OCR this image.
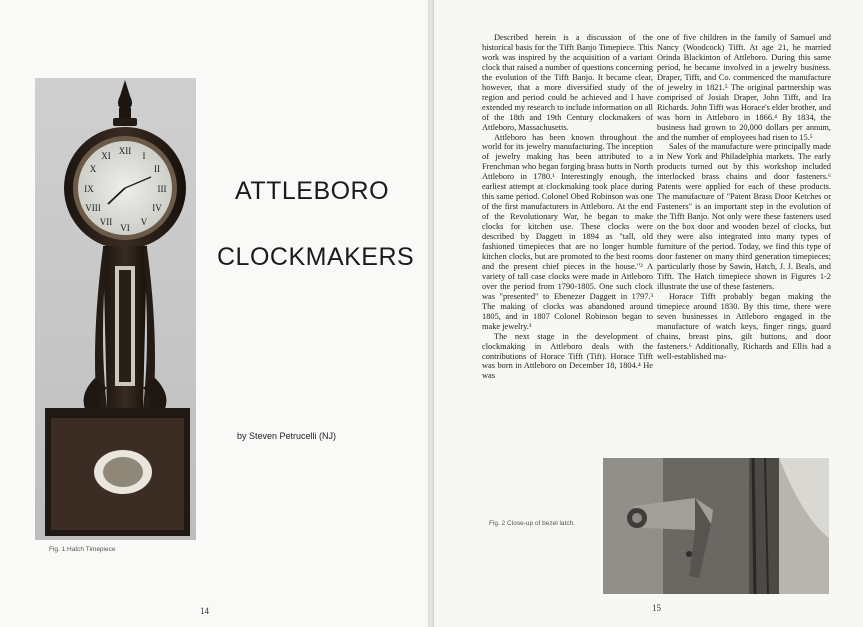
XII I
II
III
IV
V
VI
VII
VIII
IX
X
XI
Fig. 1 Hatch Timepiece
ATTLEBORO
CLOCKMAKERS
by Steven Petrucelli (NJ)
14

Described herein is a discussion of the historical basis for the Tifft Banjo Timepiece. This work was inspired by the acquisition of a variant clock that raised a number of questions concerning the evolution of the Tifft Banjo. It became clear, however, that a more diversified study of the region and period could be achieved and I have extended my research to include information on all of the 18th and 19th Century clockmakers of Attleboro, Massachusetts.

Attleboro has been known throughout the world for its jewelry manufacturing. The inception of jewelry making has been attributed to a Frenchman who began forging brass butts in North Attleboro in 1780.¹ Interestingly enough, the earliest attempt at clockmaking took place during this same period. Colonel Obed Robinson was one of the first manufacturers in Attleboro. At the end of the Revolutionary War, he began to make clocks for kitchen use. These clocks were described by Daggett in 1894 as "tall, old fashioned timepieces that are no longer humble kitchen clocks, but are promoted to the best rooms and the present chief pieces in the house."² A variety of tall case clocks were made in Attleboro over the period from 1790-1805. One such clock was "presented" to Ebenezer Daggett in 1797.³ The making of clocks was abandoned around 1805, and in 1807 Colonel Robinson began to make jewelry.³

The next stage in the development of clockmaking in Attleboro deals with the contributions of Horace Tifft (Tift). Horace Tifft was born in Attleboro on December 18, 1804.⁴ He was

one of five children in the family of Samuel and Nancy (Woodcock) Tifft. At age 21, he married Orinda Blackinton of Attleboro. During this same period, he became involved in a jewelry business. Draper, Tifft, and Co. commenced the manufacture of jewelry in 1821.⁵ The original partnership was comprised of Josiah Draper, John Tifft, and Ira Richards. John Tifft was Horace's elder brother, and was born in Attleboro in 1866.⁴ By 1834, the business had grown to 20,000 dollars per annum, and the number of employees had risen to 15.⁵

Sales of the manufacture were principally made in New York and Philadelphia markets. The early products turned out by this workshop included interlocked brass chains and door fasteners.⁶ Patents were applied for each of these products. The manufacture of "Patent Brass Door Ketches or Fasteners" is an important step in the evolution of the Tifft Banjo. Not only were these fasteners used on the box door and wooden bezel of clocks, but they were also integrated into many types of furniture of the period. Today, we find this type of door fastener on many third generation timepieces; particularly those by Sawin, Hatch, J. J. Beals, and Tifft. The Hatch timepiece shown in Figures 1-2 illustrate the use of these fasteners.

Horace Tifft probably began making the timepiece around 1830. By this time, there were seven businesses in Attleboro engaged in the manufacture of watch keys, finger rings, guard chains, breast pins, gilt buttons, and door fasteners.⁶ Additionally, Richards and Ellis had a well-established ma-

Fig. 2 Close-up of bezel latch.
15
